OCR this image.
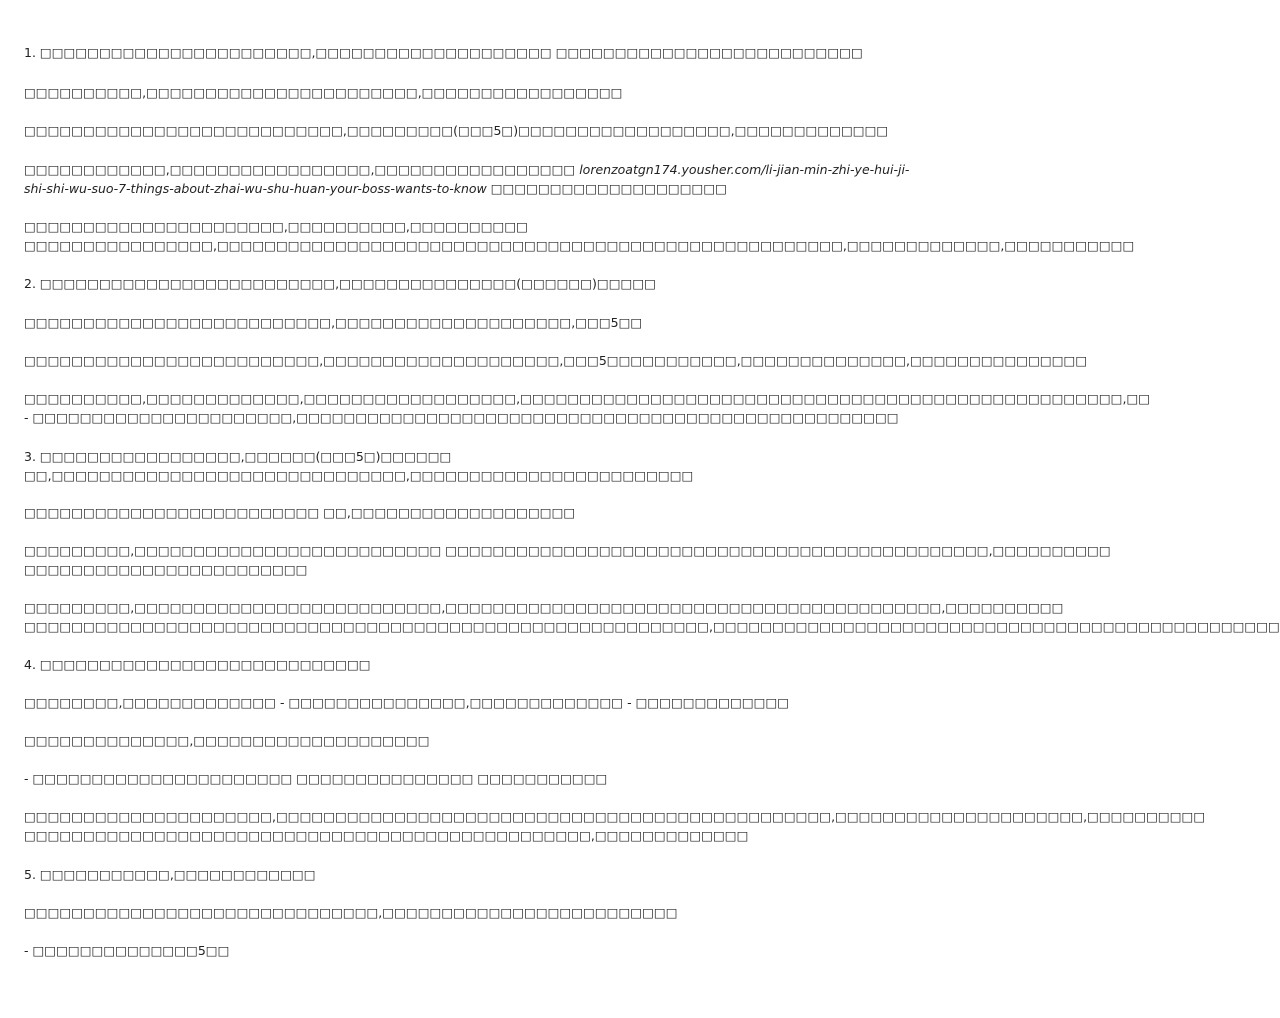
1. □□□□□□□□□□□□□□□□□□□□□□□,□□□□□□□□□□□□□□□□□□□□ □□□□□□□□□□□□□□□□□□□□□□□□□□

□□□□□□□□□□,□□□□□□□□□□□□□□□□□□□□□□□,□□□□□□□□□□□□□□□□□

□□□□□□□□□□□□□□□□□□□□□□□□□□□,□□□□□□□□□(□□□5□)□□□□□□□□□□□□□□□□□□,□□□□□□□□□□□□□

□□□□□□□□□□□□,□□□□□□□□□□□□□□□□□,□□□□□□□□□□□□□□□□□ lorenzoatgn174.yousher.com/li-jian-min-zhi-ye-hui-ji-
shi-shi-wu-suo-7-things-about-zhai-wu-shu-huan-your-boss-wants-to-know □□□□□□□□□□□□□□□□□□□□

□□□□□□□□□□□□□□□□□□□□□□,□□□□□□□□□□,□□□□□□□□□□
□□□□□□□□□□□□□□□□,□□□□□□□□□□□□□□□□□□□□□□□□□□□□□□□□□□□□□□□□□□□□□□□□□□□□□,□□□□□□□□□□□□□,□□□□□□□□□□□

2. □□□□□□□□□□□□□□□□□□□□□□□□□,□□□□□□□□□□□□□□□(□□□□□□)□□□□□

□□□□□□□□□□□□□□□□□□□□□□□□□□,□□□□□□□□□□□□□□□□□□□□,□□□5□□

□□□□□□□□□□□□□□□□□□□□□□□□□,□□□□□□□□□□□□□□□□□□□□,□□□5□□□□□□□□□□□,□□□□□□□□□□□□□□,□□□□□□□□□□□□□□□

□□□□□□□□□□,□□□□□□□□□□□□□,□□□□□□□□□□□□□□□□□□,□□□□□□□□□□□□□□□□□□□□□□□□□□□□□□□□□□□□□□□□□□□□□□□□□□□,□□
- □□□□□□□□□□□□□□□□□□□□□□,□□□□□□□□□□□□□□□□□□□□□□□□□□□□□□□□□□□□□□□□□□□□□□□□□□□

3. □□□□□□□□□□□□□□□□□,□□□□□□(□□□5□)□□□□□□
□□,□□□□□□□□□□□□□□□□□□□□□□□□□□□□□□,□□□□□□□□□□□□□□□□□□□□□□□□

□□□□□□□□□□□□□□□□□□□□□□□□□ □□,□□□□□□□□□□□□□□□□□□□

□□□□□□□□□,□□□□□□□□□□□□□□□□□□□□□□□□□□ □□□□□□□□□□□□□□□□□□□□□□□□□□□□□□□□□□□□□□□□□□□□□□,□□□□□□□□□□
□□□□□□□□□□□□□□□□□□□□□□□□

□□□□□□□□□,□□□□□□□□□□□□□□□□□□□□□□□□□□,□□□□□□□□□□□□□□□□□□□□□□□□□□□□□□□□□□□□□□□□□□,□□□□□□□□□□
□□□□□□□□□□□□□□□□□□□□□□□□□□□□□□□□□□□□□□□□□□□□□□□□□□□□□□□□□□,□□□□□□□□□□□□□□□□□□□□□□□□□□□□□□□□□□□□□□□□□□□□□□□□

4. □□□□□□□□□□□□□□□□□□□□□□□□□□□□

□□□□□□□□,□□□□□□□□□□□□□ - □□□□□□□□□□□□□□□,□□□□□□□□□□□□□ - □□□□□□□□□□□□□

□□□□□□□□□□□□□□,□□□□□□□□□□□□□□□□□□□□

- □□□□□□□□□□□□□□□□□□□□□□ □□□□□□□□□□□□□□□ □□□□□□□□□□□

□□□□□□□□□□□□□□□□□□□□□,□□□□□□□□□□□□□□□□□□□□□□□□□□□□□□□□□□□□□□□□□□□□□□□,□□□□□□□□□□□□□□□□□□□□□,□□□□□□□□□□
□□□□□□□□□□□□□□□□□□□□□□□□□□□□□□□□□□□□□□□□□□□□□□□□,□□□□□□□□□□□□□

5. □□□□□□□□□□□,□□□□□□□□□□□□

□□□□□□□□□□□□□□□□□□□□□□□□□□□□□□,□□□□□□□□□□□□□□□□□□□□□□□□□

- □□□□□□□□□□□□□□5□□
